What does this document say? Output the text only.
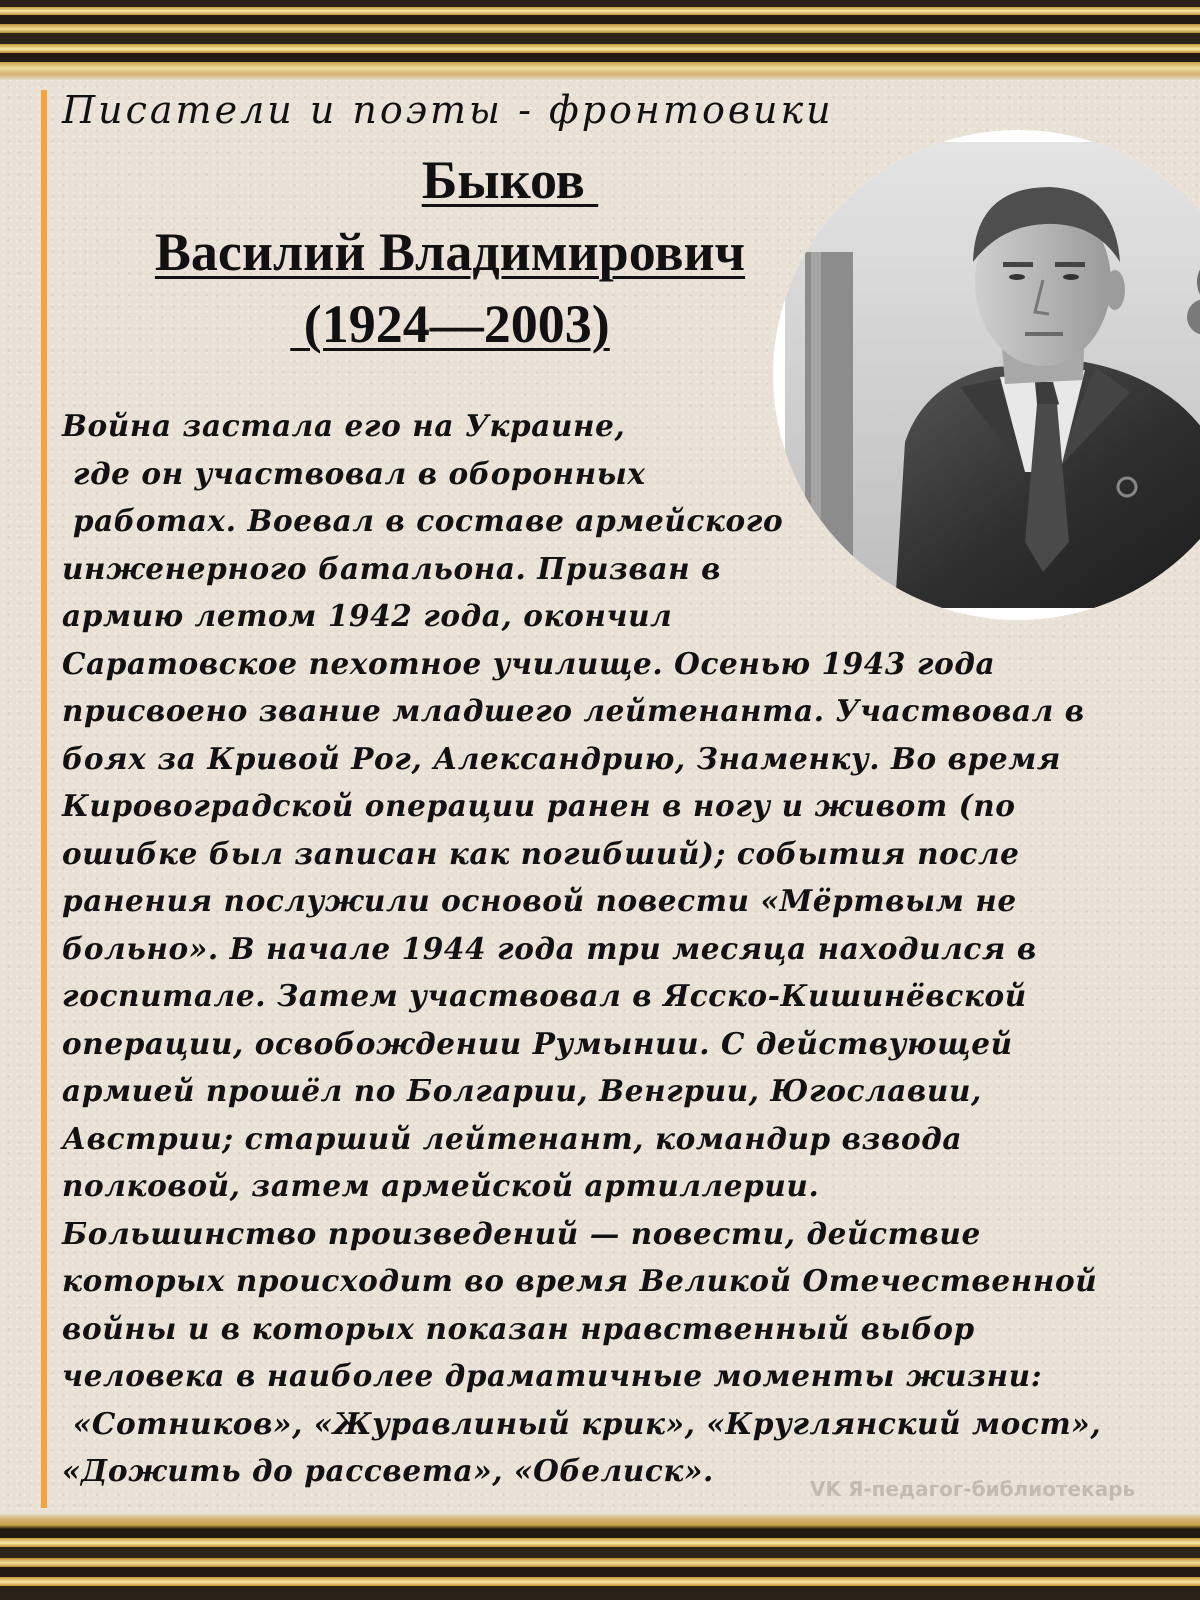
Писатели и поэты - фронтовики
Быков
Василий Владимирович
(1924—2003)
Война застала его на Украине,
где он участвовал в оборонных
работах. Воевал в составе армейского
инженерного батальона. Призван в
армию летом 1942 года, окончил
Саратовское пехотное училище. Осенью 1943 года
присвоено звание младшего лейтенанта. Участвовал в
боях за Кривой Рог, Александрию, Знаменку. Во время
Кировоградской операции ранен в ногу и живот (по
ошибке был записан как погибший); события после
ранения послужили основой повести «Мёртвым не
больно». В начале 1944 года три месяца находился в
госпитале. Затем участвовал в Ясско-Кишинёвской
операции, освобождении Румынии. С действующей
армией прошёл по Болгарии, Венгрии, Югославии,
Австрии; старший лейтенант, командир взвода
полковой, затем армейской артиллерии.
Большинство произведений — повести, действие
которых происходит во время Великой Отечественной
войны и в которых показан нравственный выбор
человека в наиболее драматичные моменты жизни:
«Сотников», «Журавлиный крик», «Круглянский мост»,
«Дожить до рассвета», «Обелиск».
VK Я-педагог-библиотекарь
